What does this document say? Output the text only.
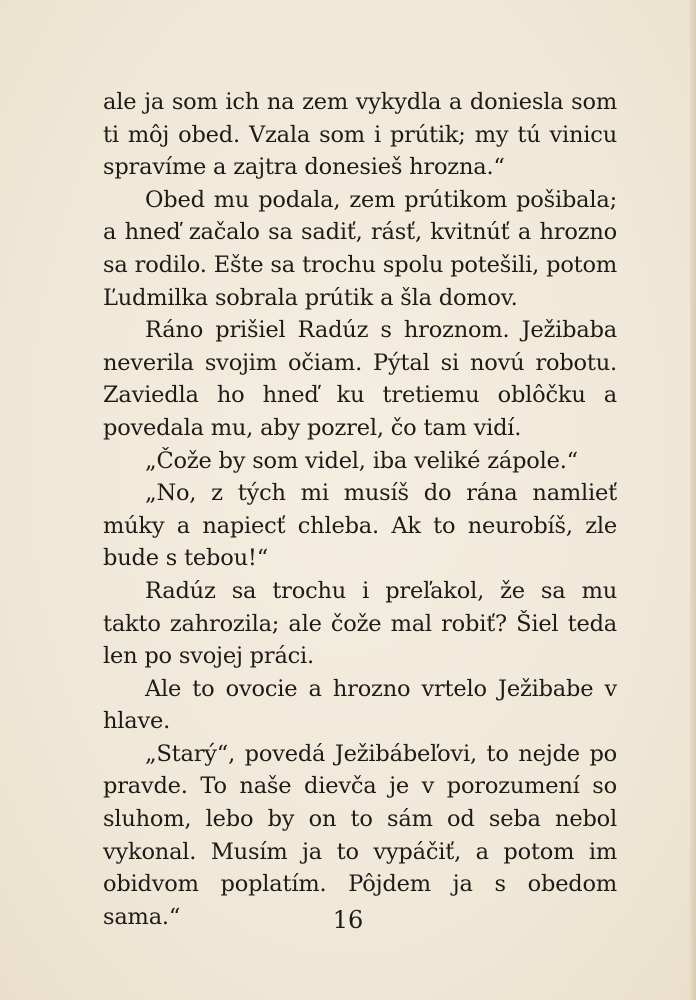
ale ja som ich na zem vykydla a doniesla som ti môj obed. Vzala som i prútik; my tú vinicu spravíme a zajtra donesieš hrozna.“

Obed mu podala, zem prútikom pošibala; a hneď začalo sa sadiť, rásť, kvitnúť a hrozno sa rodilo. Ešte sa trochu spolu potešili, potom Ľudmilka sobrala prútik a šla domov.

Ráno prišiel Radúz s hroznom. Ježibaba neverila svojim očiam. Pýtal si novú robotu. Zaviedla ho hneď ku tretiemu oblôčku a povedala mu, aby pozrel, čo tam vidí.

„Čože by som videl, iba veliké zápole.“

„No, z tých mi musíš do rána namlieť múky a napiecť chleba. Ak to neurobíš, zle bude s tebou!“

Radúz sa trochu i preľakol, že sa mu takto zahrozila; ale čože mal robiť? Šiel teda len po svojej práci.

Ale to ovocie a hrozno vrtelo Ježibabe v hlave.

„Starý“, povedá Ježibábeľovi, to nejde po pravde. To naše dievča je v porozumení so sluhom, lebo by on to sám od seba nebol vykonal. Musím ja to vypáčiť, a potom im obidvom poplatím. Pôjdem ja s obedom sama.“	16
